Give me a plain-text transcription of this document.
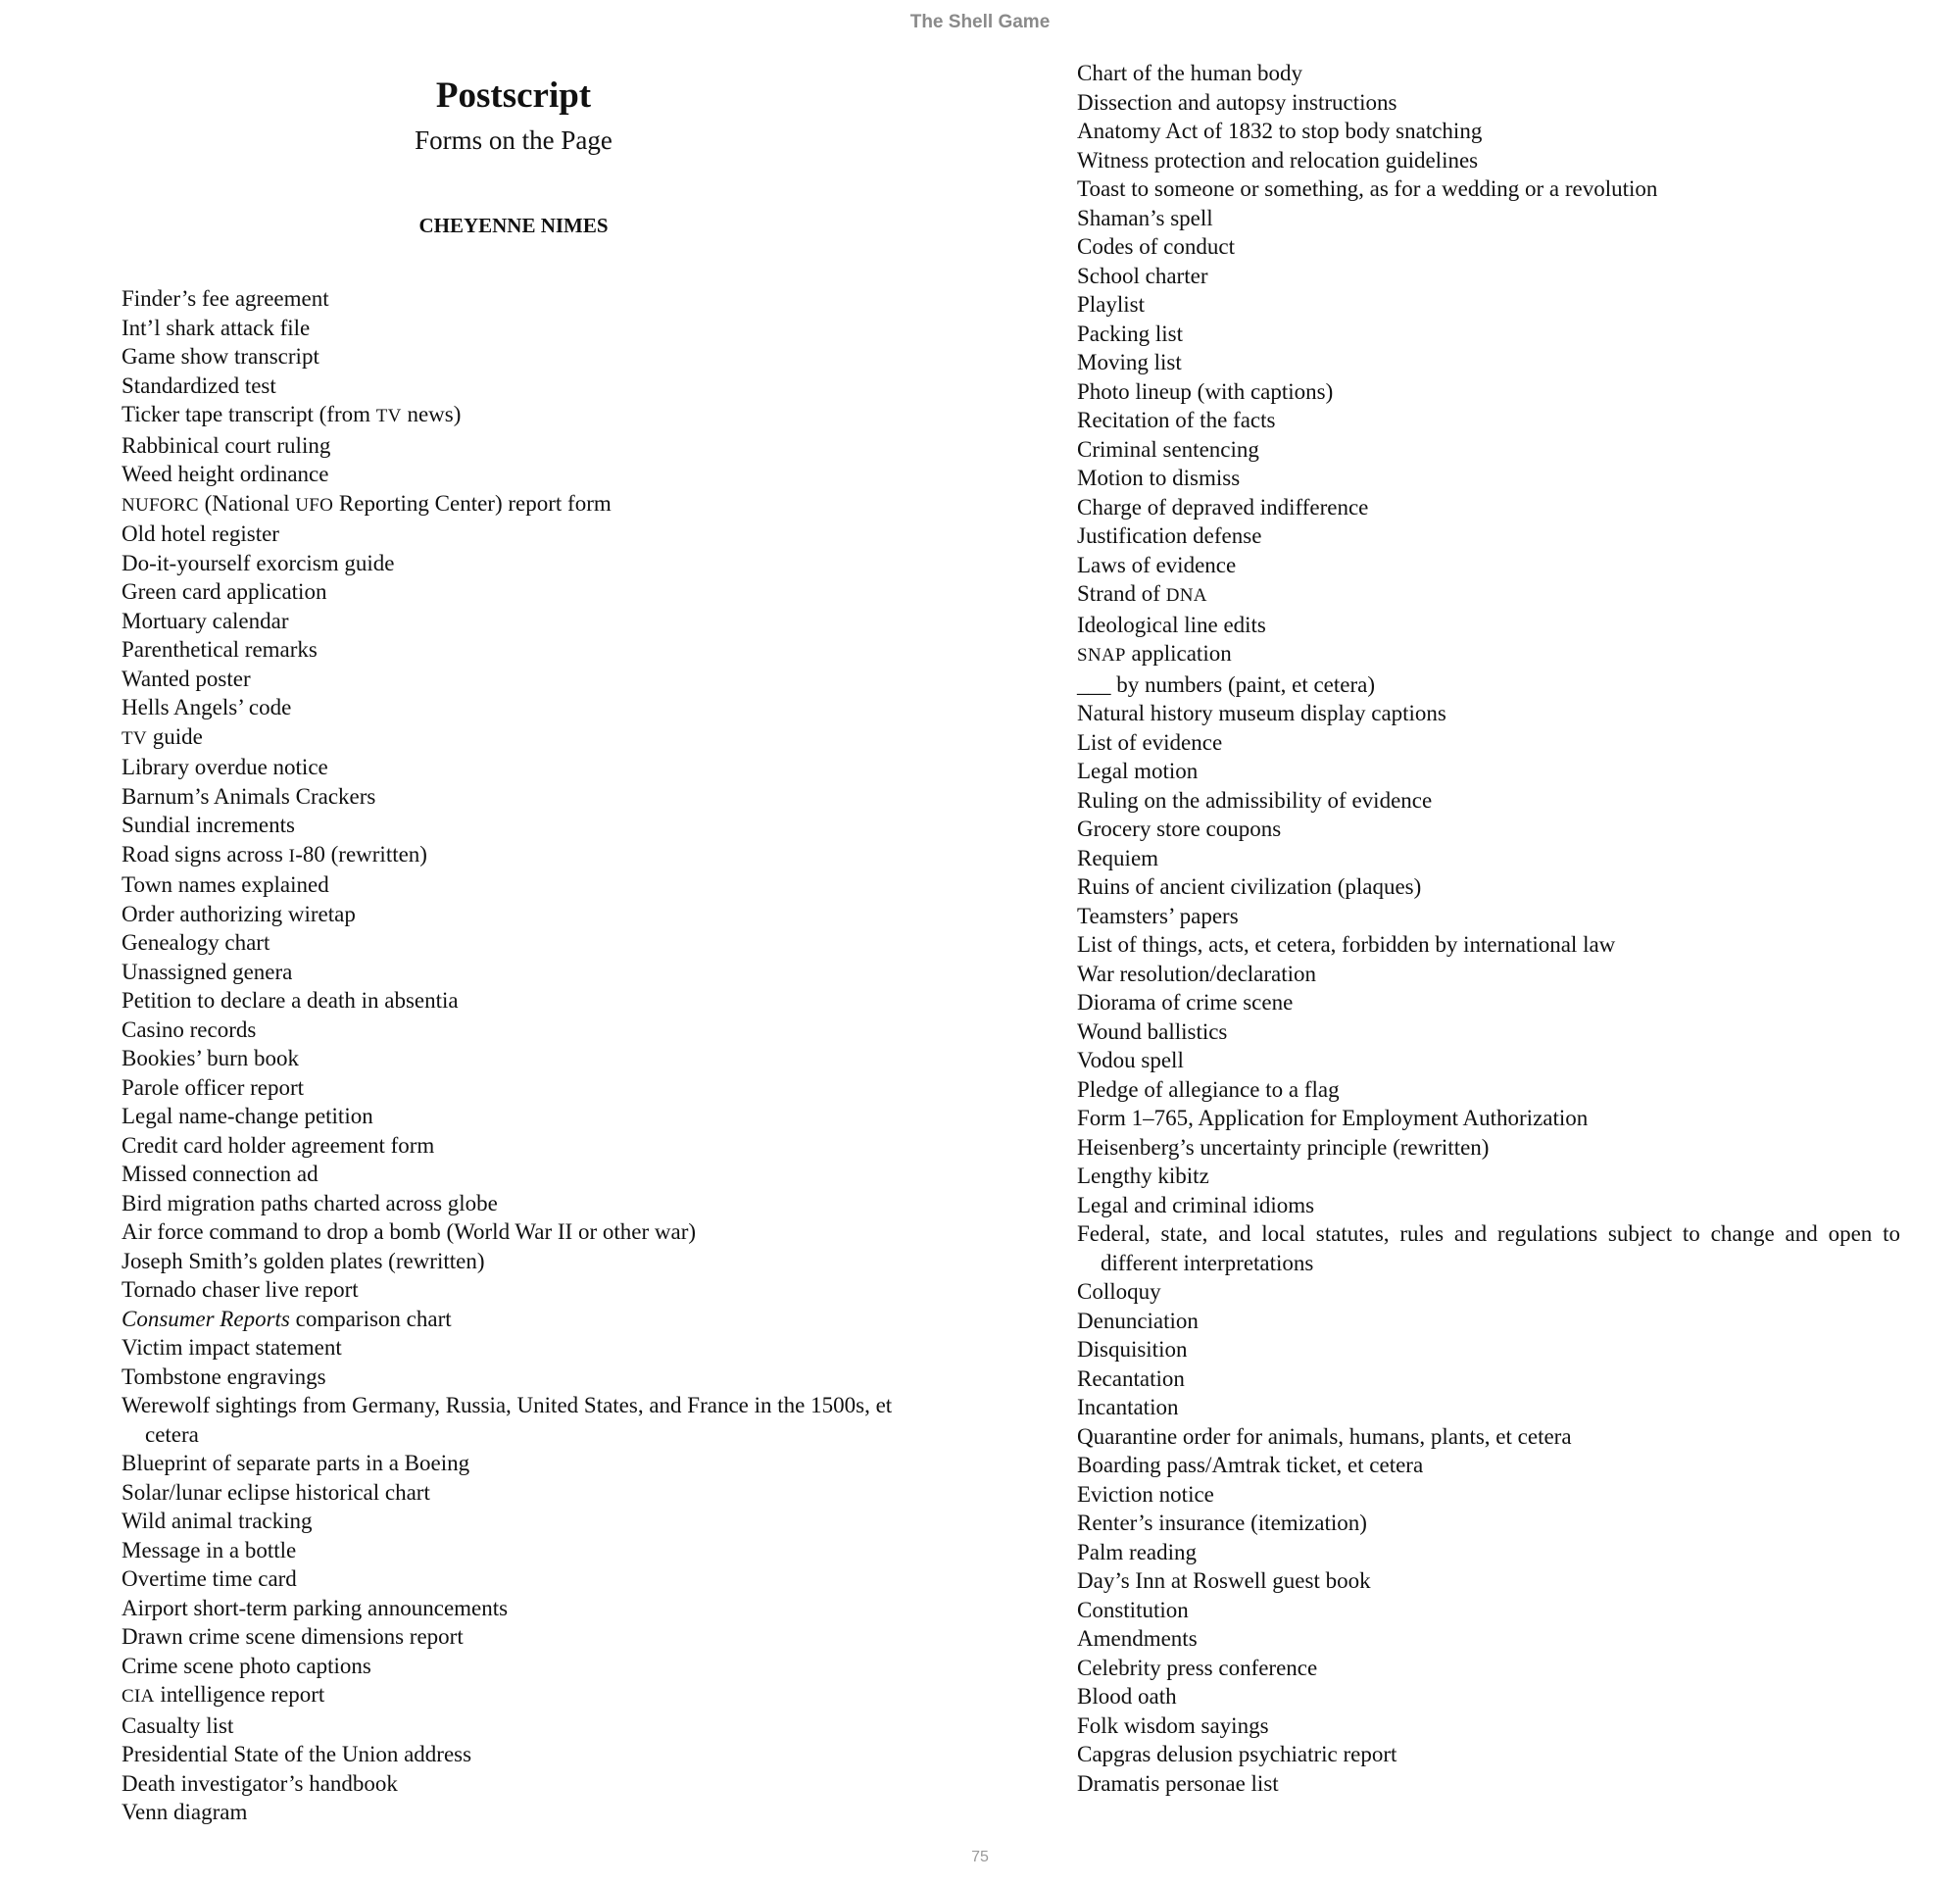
The Shell Game
Postscript
Forms on the Page
CHEYENNE NIMES
Finder’s fee agreement
Int’l shark attack file
Game show transcript
Standardized test
Ticker tape transcript (from TV news)
Rabbinical court ruling
Weed height ordinance
NUFORC (National UFO Reporting Center) report form
Old hotel register
Do-it-yourself exorcism guide
Green card application
Mortuary calendar
Parenthetical remarks
Wanted poster
Hells Angels’ code
TV guide
Library overdue notice
Barnum’s Animals Crackers
Sundial increments
Road signs across I-80 (rewritten)
Town names explained
Order authorizing wiretap
Genealogy chart
Unassigned genera
Petition to declare a death in absentia
Casino records
Bookies’ burn book
Parole officer report
Legal name-change petition
Credit card holder agreement form
Missed connection ad
Bird migration paths charted across globe
Air force command to drop a bomb (World War II or other war)
Joseph Smith’s golden plates (rewritten)
Tornado chaser live report
Consumer Reports comparison chart
Victim impact statement
Tombstone engravings
Werewolf sightings from Germany, Russia, United States, and France in the 1500s, et cetera
Blueprint of separate parts in a Boeing
Solar/lunar eclipse historical chart
Wild animal tracking
Message in a bottle
Overtime time card
Airport short-term parking announcements
Drawn crime scene dimensions report
Crime scene photo captions
CIA intelligence report
Casualty list
Presidential State of the Union address
Death investigator’s handbook
Venn diagram
Chart of the human body
Dissection and autopsy instructions
Anatomy Act of 1832 to stop body snatching
Witness protection and relocation guidelines
Toast to someone or something, as for a wedding or a revolution
Shaman’s spell
Codes of conduct
School charter
Playlist
Packing list
Moving list
Photo lineup (with captions)
Recitation of the facts
Criminal sentencing
Motion to dismiss
Charge of depraved indifference
Justification defense
Laws of evidence
Strand of DNA
Ideological line edits
SNAP application
___ by numbers (paint, et cetera)
Natural history museum display captions
List of evidence
Legal motion
Ruling on the admissibility of evidence
Grocery store coupons
Requiem
Ruins of ancient civilization (plaques)
Teamsters’ papers
List of things, acts, et cetera, forbidden by international law
War resolution/declaration
Diorama of crime scene
Wound ballistics
Vodou spell
Pledge of allegiance to a flag
Form 1–765, Application for Employment Authorization
Heisenberg’s uncertainty principle (rewritten)
Lengthy kibitz
Legal and criminal idioms
Federal, state, and local statutes, rules and regulations subject to change and open to different interpretations
Colloquy
Denunciation
Disquisition
Recantation
Incantation
Quarantine order for animals, humans, plants, et cetera
Boarding pass/Amtrak ticket, et cetera
Eviction notice
Renter’s insurance (itemization)
Palm reading
Day’s Inn at Roswell guest book
Constitution
Amendments
Celebrity press conference
Blood oath
Folk wisdom sayings
Capgras delusion psychiatric report
Dramatis personae list
75
